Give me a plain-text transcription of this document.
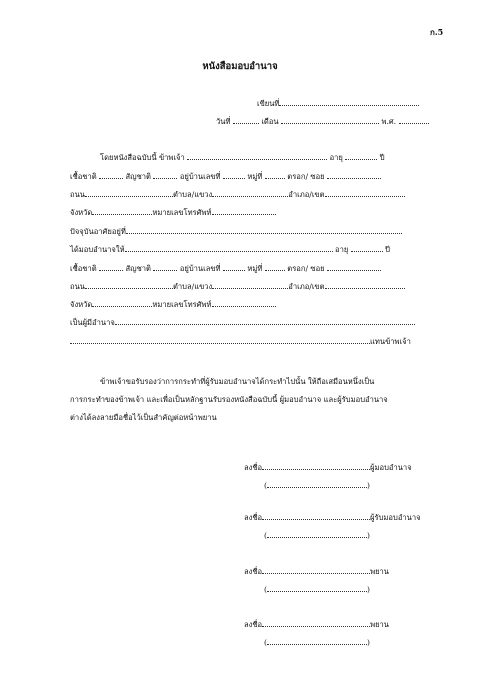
ก.5
หนังสือมอบอำนาจ
เขียนที่
วันที่	เดือน	พ.ศ.
โดยหนังสือฉบับนี้ ข้าพเจ้า	อายุ	ปี
เชื้อชาติ	สัญชาติ	อยู่บ้านเลขที่	หมู่ที่	ตรอก/ ซอย
ถนน	ตำบล/แขวง	อำเภอ/เขต
จังหวัด	หมายเลขโทรศัพท์
ปัจจุบันอาศัยอยู่ที่
ได้มอบอำนาจให้	อายุ	ปี
เชื้อชาติ	สัญชาติ	อยู่บ้านเลขที่	หมู่ที่	ตรอก/ ซอย
ถนน	ตำบล/แขวง	อำเภอ/เขต
จังหวัด	หมายเลขโทรศัพท์
เป็นผู้มีอำนาจ
แทนข้าพเจ้า
ข้าพเจ้าขอรับรองว่าการกระทำที่ผู้รับมอบอำนาจได้กระทำไปนั้น ให้ถือเสมือนหนึ่งเป็น
การกระทำของข้าพเจ้า และเพื่อเป็นหลักฐานรับรองหนังสือฉบับนี้ ผู้มอบอำนาจ และผู้รับมอบอำนาจ
ต่างได้ลงลายมือชื่อไว้เป็นสำคัญต่อหน้าพยาน
ลงชื่อ	ผู้มอบอำนาจ
(	)
ลงชื่อ	ผู้รับมอบอำนาจ
(	)
ลงชื่อ	พยาน
(	)
ลงชื่อ	พยาน
(	)
